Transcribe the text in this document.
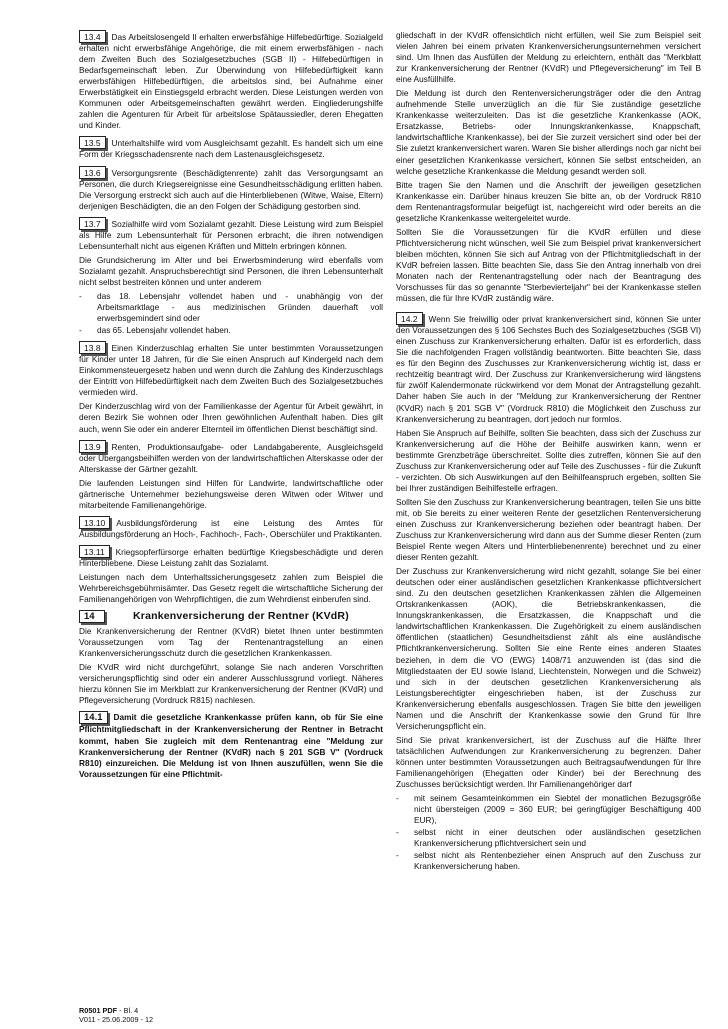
13.4 Das Arbeitslosengeld II erhalten erwerbsfähige Hilfebedürftige. Sozialgeld erhalten nicht erwerbsfähige Angehörige, die mit einem erwerbsfähigen - nach dem Zweiten Buch des Sozialgesetzbuches (SGB II) - Hilfebedürftigen in Bedarfsgemeinschaft leben. Zur Überwindung von Hilfebedürftigkeit kann erwerbsfähigen Hilfebedürftigen, die arbeitslos sind, bei Aufnahme einer Erwerbstätigkeit ein Einstiegsgeld erbracht werden. Diese Leistungen werden von Kommunen oder Arbeitsgemeinschaften gewährt werden. Eingliederungshilfe zahlen die Agenturen für Arbeit für arbeitslose Spätaussiedler, deren Ehegatten und Kinder.

13.5 Unterhaltshilfe wird vom Ausgleichsamt gezahlt. Es handelt sich um eine Form der Kriegsschadensrente nach dem Lastenausgleichsgesetz.

13.6 Versorgungsrente (Beschädigtenrente) zahlt das Versorgungsamt an Personen, die durch Kriegsereignisse eine Gesundheitsschädigung erlitten haben. Die Versorgung erstreckt sich auch auf die Hinterbliebenen (Witwe, Waise, Eltern) derjenigen Beschädigten, die an den Folgen der Schädigung gestorben sind.

13.7 Sozialhilfe wird vom Sozialamt gezahlt. Diese Leistung wird zum Beispiel als Hilfe zum Lebensunterhalt für Personen erbracht, die ihren notwendigen Lebensunterhalt nicht aus eigenen Kräften und Mitteln erbringen können.

Die Grundsicherung im Alter und bei Erwerbsminderung wird ebenfalls vom Sozialamt gezahlt. Anspruchsberechtigt sind Personen, die ihren Lebensunterhalt nicht selbst bestreiten können und unter anderem

- das 18. Lebensjahr vollendet haben und - unabhängig von der Arbeitsmarktlage - aus medizinischen Gründen dauerhaft voll erwerbsgemindert sind oder
- das 65. Lebensjahr vollendet haben.

13.8 Einen Kinderzuschlag erhalten Sie unter bestimmten Voraussetzungen für Kinder unter 18 Jahren, für die Sie einen Anspruch auf Kindergeld nach dem Einkommensteuergesetz haben und wenn durch die Zahlung des Kinderzuschlags der Eintritt von Hilfebedürftigkeit nach dem Zweiten Buch des Sozialgesetzbuches vermieden wird.

Der Kinderzuschlag wird von der Familienkasse der Agentur für Arbeit gewährt, in deren Bezirk Sie wohnen oder Ihren gewöhnlichen Aufenthalt haben. Dies gilt auch, wenn Sie oder ein anderer Elternteil im öffentlichen Dienst beschäftigt sind.

13.9 Renten, Produktionsaufgabe- oder Landabgaberente, Ausgleichsgeld oder Übergangsbeihilfen werden von der landwirtschaftlichen Alterskasse oder der Alterskasse der Gärtner gezahlt.

Die laufenden Leistungen sind Hilfen für Landwirte, landwirtschaftliche oder gärtnerische Unternehmer beziehungsweise deren Witwen oder Witwer und mitarbeitende Familienangehörige.

13.10 Ausbildungsförderung ist eine Leistung des Amtes für Ausbildungsförderung an Hoch-, Fachhoch-, Fach-, Oberschüler und Praktikanten.

13.11 Kriegsopferfürsorge erhalten bedürftige Kriegsbeschädigte und deren Hinterbliebene. Diese Leistung zahlt das Sozialamt.

Leistungen nach dem Unterhaltssicherungsgesetz zahlen zum Beispiel die Wehrbereichsgebührnisämter. Das Gesetz regelt die wirtschaftliche Sicherung der Familienangehörigen von Wehrpflichtigen, die zum Wehrdienst einberufen sind.

14	Krankenversicherung der Rentner (KVdR)

Die Krankenversicherung der Rentner (KVdR) bietet Ihnen unter bestimmten Voraussetzungen vom Tag der Rentenantragstellung an einen Krankenversicherungsschutz durch die gesetzlichen Krankenkassen.

Die KVdR wird nicht durchgeführt, solange Sie nach anderen Vorschriften versicherungspflichtig sind oder ein anderer Ausschlussgrund vorliegt. Näheres hierzu können Sie im Merkblatt zur Krankenversicherung der Rentner (KVdR) und Pflegeversicherung (Vordruck R815) nachlesen.

14.1 Damit die gesetzliche Krankenkasse prüfen kann, ob für Sie eine Pflichtmitgliedschaft in der Krankenversicherung der Rentner in Betracht kommt, haben Sie zugleich mit dem Rentenantrag eine "Meldung zur Krankenversicherung der Rentner (KVdR) nach § 201 SGB V" (Vordruck R810) einzureichen. Die Meldung ist von Ihnen auszufüllen, wenn Sie die Voraussetzungen für eine Pflichtmit-

gliedschaft in der KVdR offensichtlich nicht erfüllen, weil Sie zum Beispiel seit vielen Jahren bei einem privaten Krankenversicherungsunternehmen versichert sind. Um Ihnen das Ausfüllen der Meldung zu erleichtern, enthält das "Merkblatt zur Krankenversicherung der Rentner (KVdR) und Pflegeversicherung" im Teil B eine Ausfüllhilfe.

Die Meldung ist durch den Rentenversicherungsträger oder die den Antrag aufnehmende Stelle unverzüglich an die für Sie zuständige gesetzliche Krankenkasse weiterzuleiten. Das ist die gesetzliche Krankenkasse (AOK, Ersatzkasse, Betriebs- oder Innungskrankenkasse, Knappschaft, landwirtschaftliche Krankenkasse), bei der Sie zurzeit versichert sind oder bei der Sie zuletzt krankenversichert waren. Waren Sie bisher allerdings noch gar nicht bei einer gesetzlichen Krankenkasse versichert, können Sie selbst entscheiden, an welche gesetzliche Krankenkasse die Meldung gesandt werden soll.

Bitte tragen Sie den Namen und die Anschrift der jeweiligen gesetzlichen Krankenkasse ein. Darüber hinaus kreuzen Sie bitte an, ob der Vordruck R810 dem Rentenantragsformular beigefügt ist, nachgereicht wird oder bereits an die gesetzliche Krankenkasse weitergeleitet wurde.

Sollten Sie die Voraussetzungen für die KVdR erfüllen und diese Pflichtversicherung nicht wünschen, weil Sie zum Beispiel privat krankenversichert bleiben möchten, können Sie sich auf Antrag von der Pflichtmitgliedschaft in der KVdR befreien lassen. Bitte beachten Sie, dass Sie den Antrag innerhalb von drei Monaten nach der Rentenantragstellung oder nach der Beantragung des Vorschusses für das so genannte "Sterbevierteljahr" bei der Krankenkasse stellen müssen, die für Ihre KVdR zuständig wäre.

14.2 Wenn Sie freiwillig oder privat krankenversichert sind, können Sie unter den Voraussetzungen des § 106 Sechstes Buch des Sozialgesetzbuches (SGB VI) einen Zuschuss zur Krankenversicherung erhalten. Dafür ist es erforderlich, dass Sie die nachfolgenden Fragen vollständig beantworten. Bitte beachten Sie, dass es für den Beginn des Zuschusses zur Krankenversicherung wichtig ist, dass er rechtzeitig beantragt wird. Der Zuschuss zur Krankenversicherung wird längstens für zwölf Kalendermonate rückwirkend vor dem Monat der Antragstellung gezahlt. Daher haben Sie auch in der "Meldung zur Krankenversicherung der Rentner (KVdR) nach § 201 SGB V" (Vordruck R810) die Möglichkeit den Zuschuss zur Krankenversicherung zu beantragen, dort jedoch nur formlos.

Haben Sie Anspruch auf Beihilfe, sollten Sie beachten, dass sich der Zuschuss zur Krankenversicherung auf die Höhe der Beihilfe auswirken kann, wenn er bestimmte Grenzbeträge überschreitet. Sollte dies zutreffen, können Sie auf den Zuschuss zur Krankenversicherung oder auf Teile des Zuschusses - für die Zukunft - verzichten. Ob sich Auswirkungen auf den Beihilfeanspruch ergeben, sollten Sie bei Ihrer zuständigen Beihilfestelle erfragen.

Sollten Sie den Zuschuss zur Krankenversicherung beantragen, teilen Sie uns bitte mit, ob Sie bereits zu einer weiteren Rente der gesetzlichen Rentenversicherung einen Zuschuss zur Krankenversicherung beziehen oder beantragt haben. Der Zuschuss zur Krankenversicherung wird dann aus der Summe dieser Renten (zum Beispiel Rente wegen Alters und Hinterbliebenenrente) berechnet und zu einer dieser Renten gezahlt.

Der Zuschuss zur Krankenversicherung wird nicht gezahlt, solange Sie bei einer deutschen oder einer ausländischen gesetzlichen Krankenkasse pflichtversichert sind. Zu den deutschen gesetzlichen Krankenkassen zählen die Allgemeinen Ortskrankenkassen (AOK), die Betriebskrankenkassen, die Innungskrankenkassen, die Ersatzkassen, die Knappschaft und die landwirtschaftlichen Krankenkassen. Die Zugehörigkeit zu einem ausländischen öffentlichen (staatlichen) Gesundheitsdienst zählt als eine ausländische Pflichtkrankenversicherung. Sollten Sie eine Rente eines anderen Staates beziehen, in dem die VO (EWG) 1408/71 anzuwenden ist (das sind die Mitgliedstaaten der EU sowie Island, Liechtenstein, Norwegen und die Schweiz) und sich in der deutschen gesetzlichen Krankenversicherung als Leistungsberechtigter eingeschrieben haben, ist der Zuschuss zur Krankenversicherung ebenfalls ausgeschlossen. Tragen Sie bitte den jeweiligen Namen und die Anschrift der Krankenkasse sowie den Grund für Ihre Versicherungspflicht ein.

Sind Sie privat krankenversichert, ist der Zuschuss auf die Hälfte Ihrer tatsächlichen Aufwendungen zur Krankenversicherung zu begrenzen. Daher können unter bestimmten Voraussetzungen auch Beitragsaufwendungen für Ihre Familienangehörigen (Ehegatten oder Kinder) bei der Berechnung des Zuschusses berücksichtigt werden. Ihr Familienangehöriger darf

- mit seinem Gesamteinkommen ein Siebtel der monatlichen Bezugsgröße nicht übersteigen (2009 = 360 EUR; bei geringfügiger Beschäftigung 400 EUR),
- selbst nicht in einer deutschen oder ausländischen gesetzlichen Krankenversicherung pflichtversichert sein und
- selbst nicht als Rentenbezieher einen Anspruch auf den Zuschuss zur Krankenversicherung haben.
R0501 PDF - Bl. 4
V011 - 25.06.2009 - 12
